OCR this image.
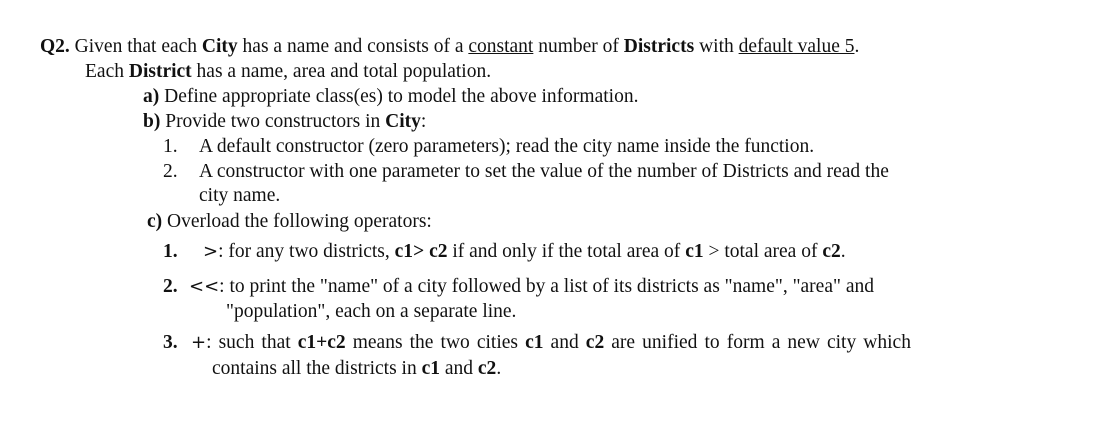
Q2. Given that each City has a name and consists of a constant number of Districts with default value 5.
Each District has a name, area and total population.
a) Define appropriate class(es) to model the above information.
b) Provide two constructors in City:
1. A default constructor (zero parameters); read the city name inside the function.
2. A constructor with one parameter to set the value of the number of Districts and read the
city name.
c) Overload the following operators:
1. >: for any two districts, c1> c2 if and only if the total area of c1 > total area of c2.
2. <<: to print the "name" of a city followed by a list of its districts as "name", "area" and
"population", each on a separate line.
3. +: such that c1+c2 means the two cities c1 and c2 are unified to form a new city which
contains all the districts in c1 and c2.
